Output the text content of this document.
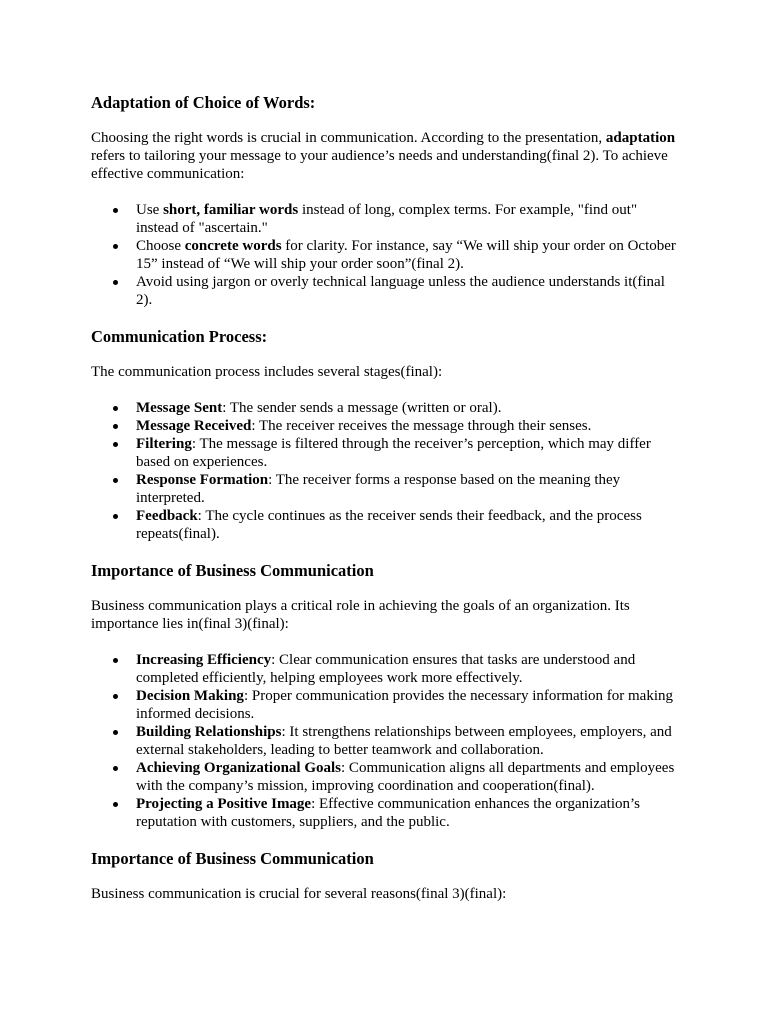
Adaptation of Choice of Words:

Choosing the right words is crucial in communication. According to the presentation, adaptation refers to tailoring your message to your audience’s needs and understanding(final 2). To achieve effective communication:

Use short, familiar words instead of long, complex terms. For example, "find out" instead of "ascertain."
Choose concrete words for clarity. For instance, say “We will ship your order on October 15” instead of “We will ship your order soon”(final 2).
Avoid using jargon or overly technical language unless the audience understands it(final 2).
Communication Process:

The communication process includes several stages(final):

Message Sent: The sender sends a message (written or oral).
Message Received: The receiver receives the message through their senses.
Filtering: The message is filtered through the receiver’s perception, which may differ based on experiences.
Response Formation: The receiver forms a response based on the meaning they interpreted.
Feedback: The cycle continues as the receiver sends their feedback, and the process repeats(final).
Importance of Business Communication

Business communication plays a critical role in achieving the goals of an organization. Its importance lies in(final 3)(final):

Increasing Efficiency: Clear communication ensures that tasks are understood and completed efficiently, helping employees work more effectively.
Decision Making: Proper communication provides the necessary information for making informed decisions.
Building Relationships: It strengthens relationships between employees, employers, and external stakeholders, leading to better teamwork and collaboration.
Achieving Organizational Goals: Communication aligns all departments and employees with the company’s mission, improving coordination and cooperation(final).
Projecting a Positive Image: Effective communication enhances the organization’s reputation with customers, suppliers, and the public.
Importance of Business Communication

Business communication is crucial for several reasons(final 3)(final):
